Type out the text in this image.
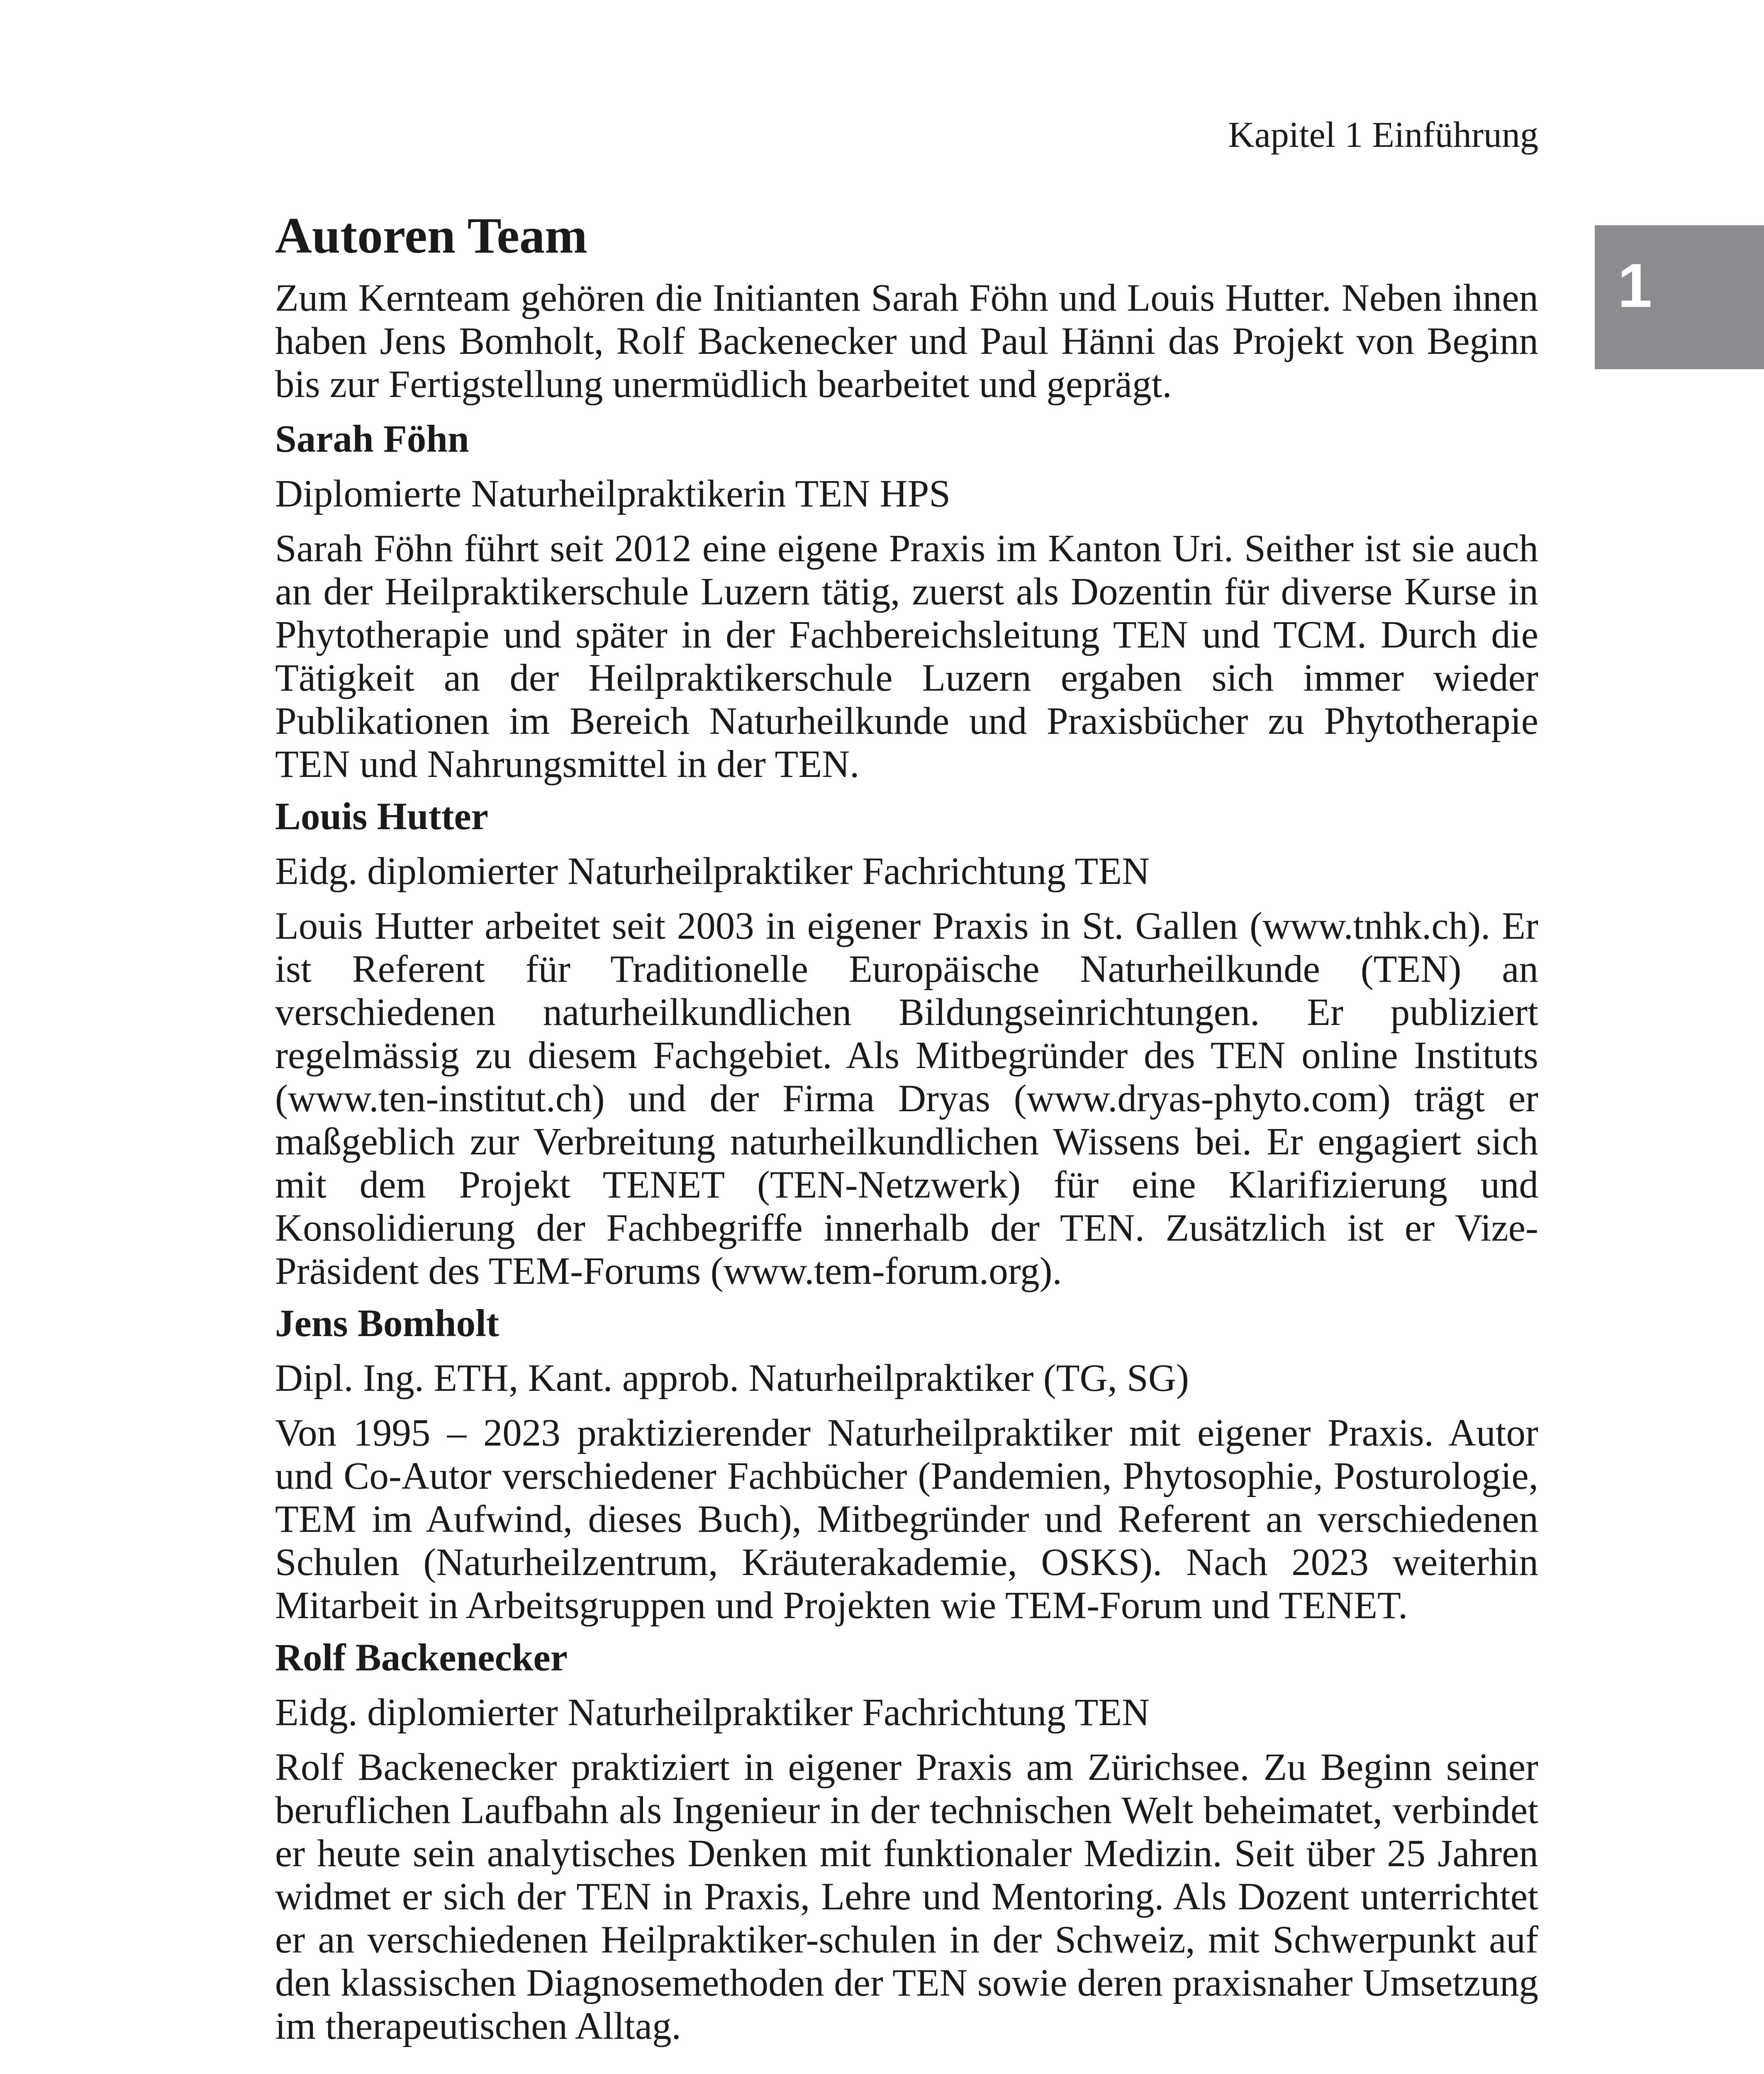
Kapitel 1 Einführung
1
Autoren Team

Zum Kernteam gehören die Initianten Sarah Föhn und Louis Hutter. Neben ihnen haben Jens Bomholt, Rolf Backenecker und Paul Hänni das Projekt von Beginn bis zur Fertigstellung unermüdlich bearbeitet und geprägt.

Sarah Föhn
Diplomierte Naturheilpraktikerin TEN HPS

Sarah Föhn führt seit 2012 eine eigene Praxis im Kanton Uri. Seither ist sie auch an der Heilpraktikerschule Luzern tätig, zuerst als Dozentin für diverse Kurse in Phytotherapie und später in der Fachbereichsleitung TEN und TCM. Durch die Tätigkeit an der Heilpraktikerschule Luzern ergaben sich immer wieder Publikationen im Bereich Naturheilkunde und Praxisbücher zu Phytotherapie TEN und Nahrungsmittel in der TEN.

Louis Hutter
Eidg. diplomierter Naturheilpraktiker Fachrichtung TEN

Louis Hutter arbeitet seit 2003 in eigener Praxis in St. Gallen (www.tnhk.ch). Er ist Referent für Traditionelle Europäische Naturheilkunde (TEN) an verschiedenen naturheilkundlichen Bildungseinrichtungen. Er publiziert regelmässig zu diesem Fachgebiet. Als Mitbegründer des TEN online Instituts (www.ten-institut.ch) und der Firma Dryas (www.dryas-phyto.com) trägt er maßgeblich zur Verbreitung naturheilkundlichen Wissens bei. Er engagiert sich mit dem Projekt TENET (TEN-Netzwerk) für eine Klarifizierung und Konsolidierung der Fachbegriffe innerhalb der TEN. Zusätzlich ist er Vize-Präsident des TEM-Forums (www.tem-forum.org).

Jens Bomholt
Dipl. Ing. ETH, Kant. approb. Naturheilpraktiker (TG, SG)

Von 1995 – 2023 praktizierender Naturheilpraktiker mit eigener Praxis. Autor und Co-Autor verschiedener Fachbücher (Pandemien, Phytosophie, Posturologie, TEM im Aufwind, dieses Buch), Mitbegründer und Referent an verschiedenen Schulen (Naturheilzentrum, Kräuterakademie, OSKS). Nach 2023 weiterhin Mitarbeit in Arbeitsgruppen und Projekten wie TEM-Forum und TENET.

Rolf Backenecker
Eidg. diplomierter Naturheilpraktiker Fachrichtung TEN

Rolf Backenecker praktiziert in eigener Praxis am Zürichsee. Zu Beginn seiner beruflichen Laufbahn als Ingenieur in der technischen Welt beheimatet, verbindet er heute sein analytisches Denken mit funktionaler Medizin. Seit über 25 Jahren widmet er sich der TEN in Praxis, Lehre und Mentoring. Als Dozent unterrichtet er an verschiedenen Heilpraktiker-schulen in der Schweiz, mit Schwerpunkt auf den klassischen Diagnosemethoden der TEN sowie deren praxisnaher Umsetzung im therapeutischen Alltag.
